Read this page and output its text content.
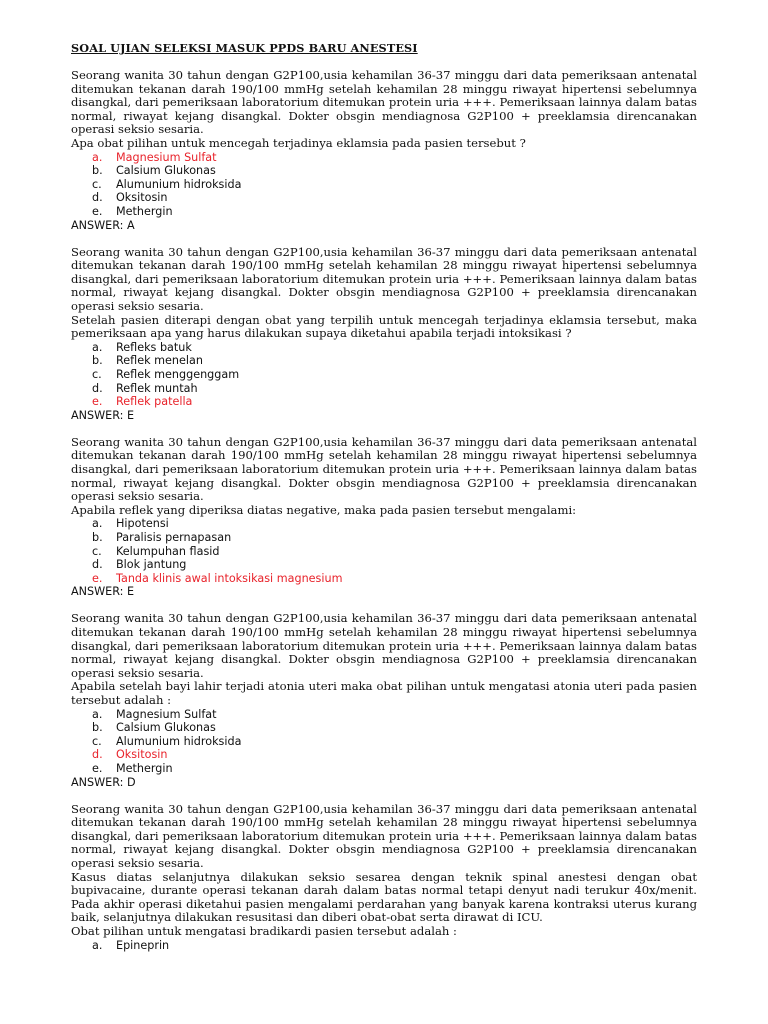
SOAL UJIAN SELEKSI MASUK PPDS BARU ANESTESI

Seorang wanita 30 tahun dengan G2P100,usia kehamilan 36-37 minggu dari data pemeriksaan antenatal ditemukan tekanan darah 190/100 mmHg setelah kehamilan 28 minggu riwayat hipertensi sebelumnya disangkal, dari pemeriksaan laboratorium ditemukan protein uria +++. Pemeriksaan lainnya dalam batas normal, riwayat kejang disangkal. Dokter obsgin mendiagnosa G2P100 + preeklamsia direncanakan operasi seksio sesaria.

Apa obat pilihan untuk mencegah terjadinya eklamsia pada pasien tersebut ?

a.	Magnesium Sulfat
b.	Calsium Glukonas
c.	Alumunium hidroksida
d.	Oksitosin
e.	Methergin
ANSWER: A

Seorang wanita 30 tahun dengan G2P100,usia kehamilan 36-37 minggu dari data pemeriksaan antenatal ditemukan tekanan darah 190/100 mmHg setelah kehamilan 28 minggu riwayat hipertensi sebelumnya disangkal, dari pemeriksaan laboratorium ditemukan protein uria +++. Pemeriksaan lainnya dalam batas normal, riwayat kejang disangkal. Dokter obsgin mendiagnosa G2P100 + preeklamsia direncanakan operasi seksio sesaria.

Setelah pasien diterapi dengan obat yang terpilih untuk mencegah terjadinya eklamsia tersebut, maka pemeriksaan apa yang harus dilakukan supaya diketahui apabila terjadi intoksikasi ?

a.	Refleks batuk
b.	Reflek menelan
c.	Reflek menggenggam
d.	Reflek muntah
e.	Reflek patella
ANSWER: E

Seorang wanita 30 tahun dengan G2P100,usia kehamilan 36-37 minggu dari data pemeriksaan antenatal ditemukan tekanan darah 190/100 mmHg setelah kehamilan 28 minggu riwayat hipertensi sebelumnya disangkal, dari pemeriksaan laboratorium ditemukan protein uria +++. Pemeriksaan lainnya dalam batas normal, riwayat kejang disangkal. Dokter obsgin mendiagnosa G2P100 + preeklamsia direncanakan operasi seksio sesaria.

Apabila reflek yang diperiksa diatas negative, maka pada pasien tersebut mengalami:

a.	Hipotensi
b.	Paralisis pernapasan
c.	Kelumpuhan flasid
d.	Blok jantung
e.	Tanda klinis awal intoksikasi magnesium
ANSWER: E

Seorang wanita 30 tahun dengan G2P100,usia kehamilan 36-37 minggu dari data pemeriksaan antenatal ditemukan tekanan darah 190/100 mmHg setelah kehamilan 28 minggu riwayat hipertensi sebelumnya disangkal, dari pemeriksaan laboratorium ditemukan protein uria +++. Pemeriksaan lainnya dalam batas normal, riwayat kejang disangkal. Dokter obsgin mendiagnosa G2P100 + preeklamsia direncanakan operasi seksio sesaria.

Apabila setelah bayi lahir terjadi atonia uteri maka obat pilihan untuk mengatasi atonia uteri pada pasien tersebut adalah :

a.	Magnesium Sulfat
b.	Calsium Glukonas
c.	Alumunium hidroksida
d.	Oksitosin
e.	Methergin
ANSWER: D

Seorang wanita 30 tahun dengan G2P100,usia kehamilan 36-37 minggu dari data pemeriksaan antenatal ditemukan tekanan darah 190/100 mmHg setelah kehamilan 28 minggu riwayat hipertensi sebelumnya disangkal, dari pemeriksaan laboratorium ditemukan protein uria +++. Pemeriksaan lainnya dalam batas normal, riwayat kejang disangkal. Dokter obsgin mendiagnosa G2P100 + preeklamsia direncanakan operasi seksio sesaria.

Kasus diatas selanjutnya dilakukan seksio sesarea dengan teknik spinal anestesi dengan obat bupivacaine, durante operasi tekanan darah dalam batas normal tetapi denyut nadi terukur 40x/menit. Pada akhir operasi diketahui pasien mengalami perdarahan yang banyak karena kontraksi uterus kurang baik, selanjutnya dilakukan resusitasi dan diberi obat-obat serta dirawat di ICU.

Obat pilihan untuk mengatasi bradikardi pasien tersebut adalah :

a.	Epineprin
